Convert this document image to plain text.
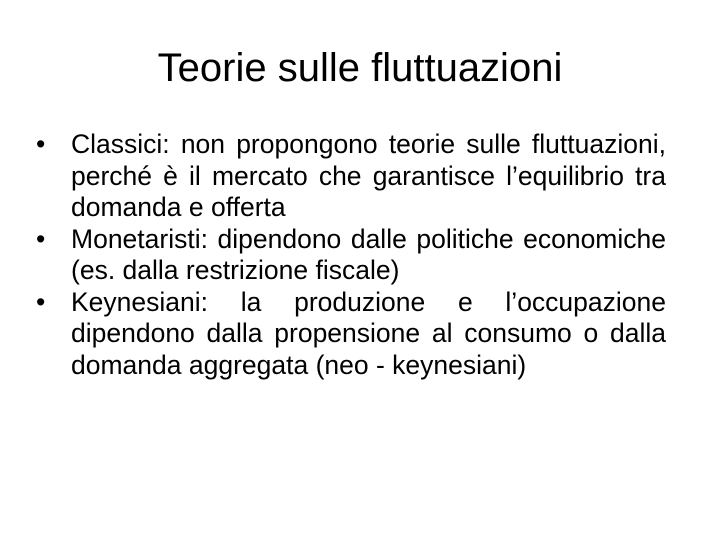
Teorie sulle fluttuazioni
• Classici: non propongono teorie sulle fluttuazioni, perché è il mercato che garantisce l’equilibrio tra domanda e offerta
• Monetaristi: dipendono dalle politiche economiche (es. dalla restrizione fiscale)
• Keynesiani: la produzione e l’occupazione dipendono dalla propensione al consumo o dalla domanda aggregata (neo - keynesiani)
